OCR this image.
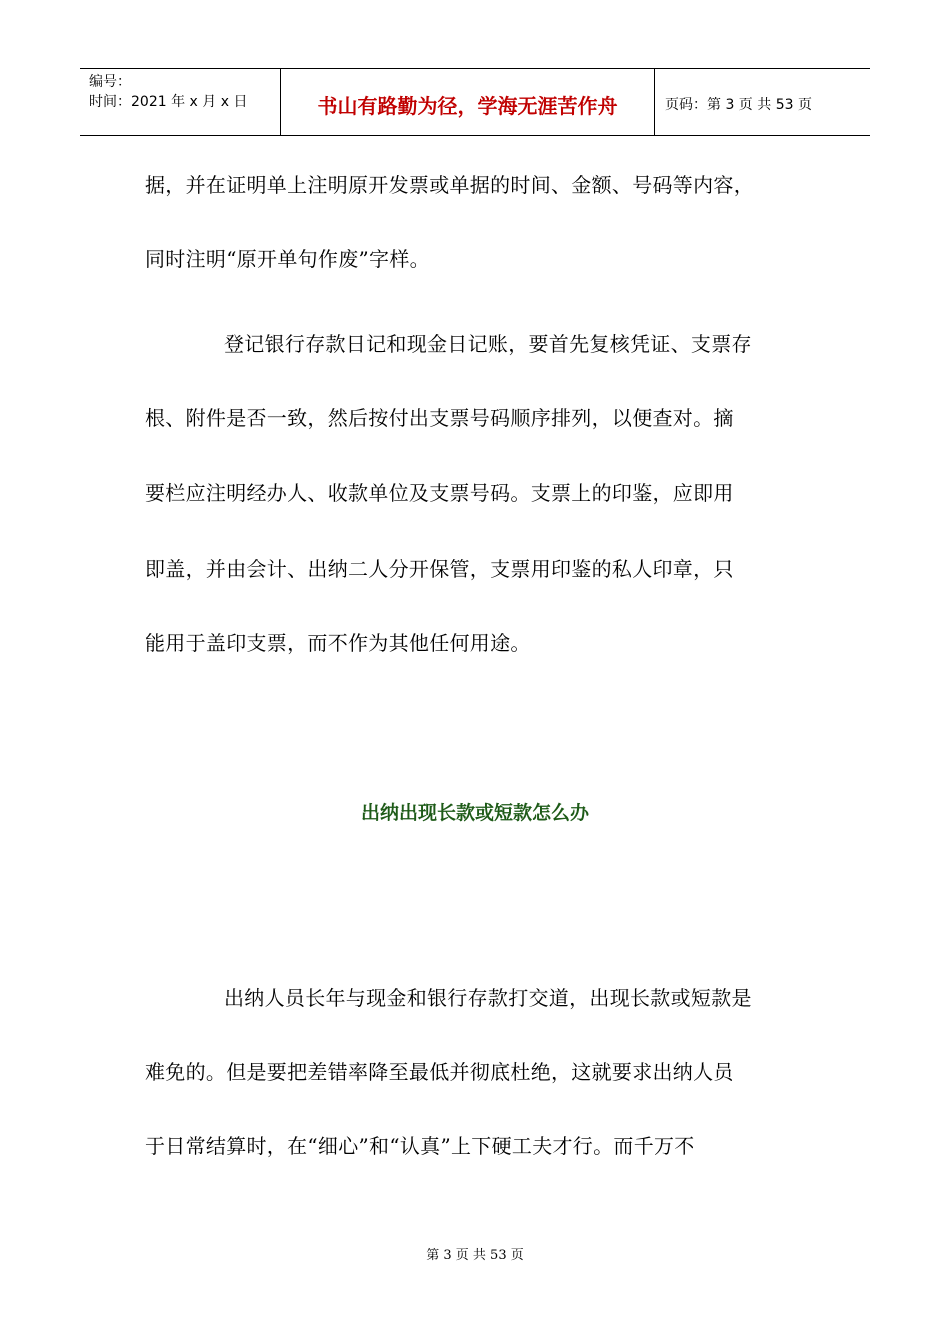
编号：
时间：2021 年 x 月 x 日	书山有路勤为径，学海无涯苦作舟	页码：第 3 页 共 53 页
据，并在证明单上注明原开发票或单据的时间、金额、号码等内容，
同时注明“原开单句作废”字样。
登记银行存款日记和现金日记账，要首先复核凭证、支票存
根、附件是否一致，然后按付出支票号码顺序排列，以便查对。摘
要栏应注明经办人、收款单位及支票号码。支票上的印鉴，应即用
即盖，并由会计、出纳二人分开保管，支票用印鉴的私人印章，只
能用于盖印支票，而不作为其他任何用途。
出纳出现长款或短款怎么办
出纳人员长年与现金和银行存款打交道，出现长款或短款是
难免的。但是要把差错率降至最低并彻底杜绝，这就要求出纳人员
于日常结算时，在“细心”和“认真”上下硬工夫才行。而千万不
第 3 页 共 53 页
